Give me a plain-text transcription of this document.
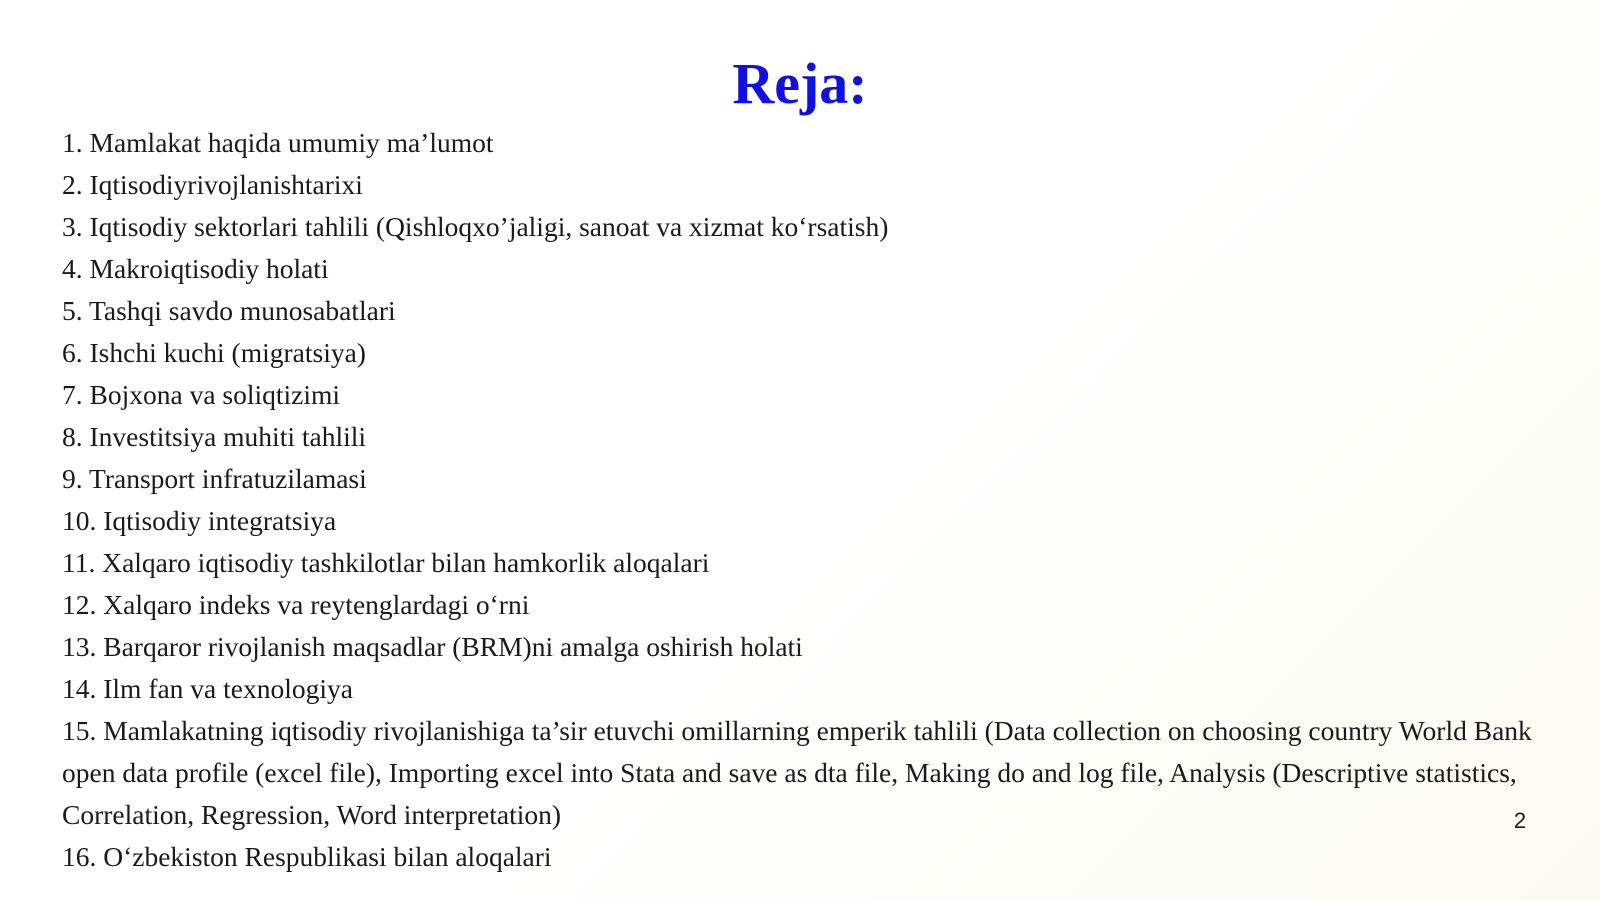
Reja:
1. Mamlakat haqida umumiy ma’lumot
2. Iqtisodiyrivojlanishtarixi
3. Iqtisodiy sektorlari tahlili (Qishloqxo’jaligi, sanoat va xizmat ko‘rsatish)
4. Makroiqtisodiy holati
5. Tashqi savdo munosabatlari
6. Ishchi kuchi (migratsiya)
7. Bojxona va soliqtizimi
8. Investitsiya muhiti tahlili
9. Transport infratuzilamasi
10. Iqtisodiy integratsiya
11. Xalqaro iqtisodiy tashkilotlar bilan hamkorlik aloqalari
12. Xalqaro indeks va reytenglardagi o‘rni
13. Barqaror rivojlanish maqsadlar (BRM)ni amalga oshirish holati
14. Ilm fan va texnologiya
15. Mamlakatning iqtisodiy rivojlanishiga ta’sir etuvchi omillarning emperik tahlili (Data collection on choosing country World Bank open data profile (excel file), Importing excel into Stata and save as dta file, Making do and log file, Analysis (Descriptive statistics, Correlation, Regression, Word interpretation)
16. O‘zbekiston Respublikasi bilan aloqalari
2
